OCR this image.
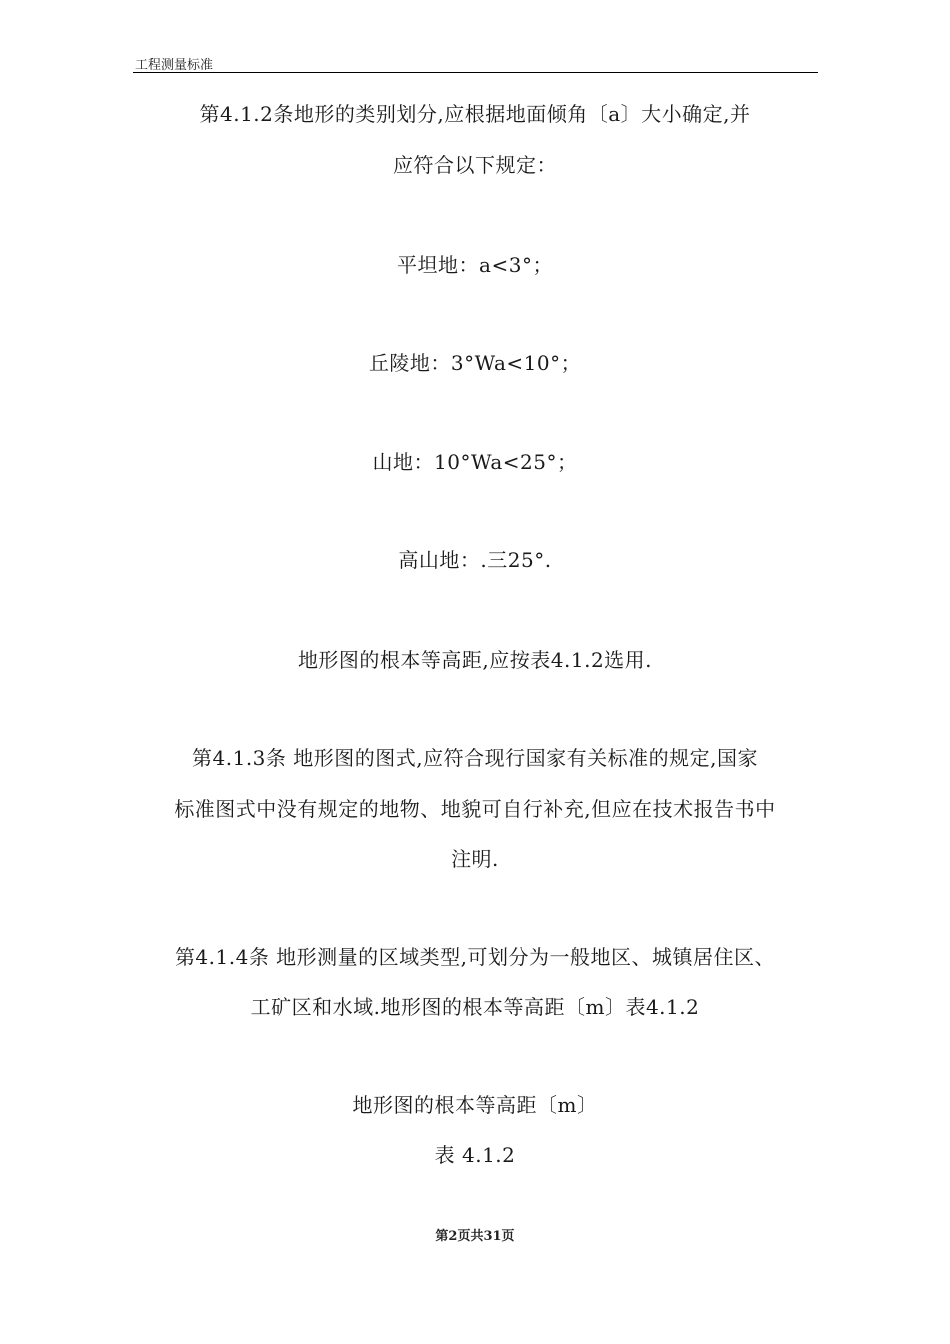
工程测量标准
第4.1.2条地形的类别划分,应根据地面倾角〔a〕大小确定,并
应符合以下规定：
平坦地：a<3°；
丘陵地：3°Wa<10°；
山地：10°Wa<25°；
高山地：.三25°.
地形图的根本等高距,应按表4.1.2选用.
第4.1.3条 地形图的图式,应符合现行国家有关标准的规定,国家
标准图式中没有规定的地物、地貌可自行补充,但应在技术报告书中
注明.
第4.1.4条 地形测量的区域类型,可划分为一般地区、城镇居住区、
工矿区和水域.地形图的根本等高距〔m〕表4.1.2
地形图的根本等高距〔m〕
表 4.1.2
第2页共31页
